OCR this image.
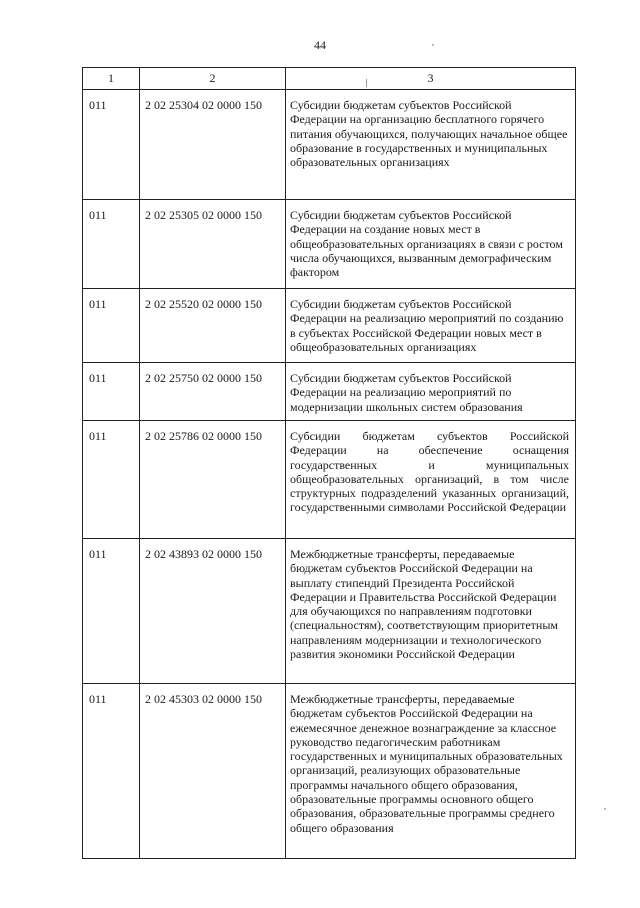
44
1	2	3

011	2 02 25304 02 0000 150	Субсидии бюджетам субъектов Российской Федерации на организацию бесплатного горячего питания обучающихся, получающих начальное общее образование в государственных и муниципальных образовательных организациях

011	2 02 25305 02 0000 150	Субсидии бюджетам субъектов Российской Федерации на создание новых мест в общеобразовательных организациях в связи с ростом числа обучающихся, вызванным демографическим фактором

011	2 02 25520 02 0000 150	Субсидии бюджетам субъектов Российской Федерации на реализацию мероприятий по созданию в субъектах Российской Федерации новых мест в общеобразовательных организациях

011	2 02 25750 02 0000 150	Субсидии бюджетам субъектов Российской Федерации на реализацию мероприятий по модернизации школьных систем образования

011	2 02 25786 02 0000 150	Субсидии бюджетам субъектов Российской Федерации на обеспечение оснащения государственных и муниципальных общеобразовательных организаций, в том числе структурных подразделений указанных организаций, государственными символами Российской Федерации

011	2 02 43893 02 0000 150	Межбюджетные трансферты, передаваемые бюджетам субъектов Российской Федерации на выплату стипендий Президента Российской Федерации и Правительства Российской Федерации для обучающихся по направлениям подготовки (специальностям), соответствующим приоритетным направлениям модернизации и технологического развития экономики Российской Федерации

011	2 02 45303 02 0000 150	Межбюджетные трансферты, передаваемые бюджетам субъектов Российской Федерации на ежемесячное денежное вознаграждение за классное руководство педагогическим работникам государственных и муниципальных образовательных организаций, реализующих образовательные программы начального общего образования, образовательные программы основного общего образования, образовательные программы среднего общего образования
